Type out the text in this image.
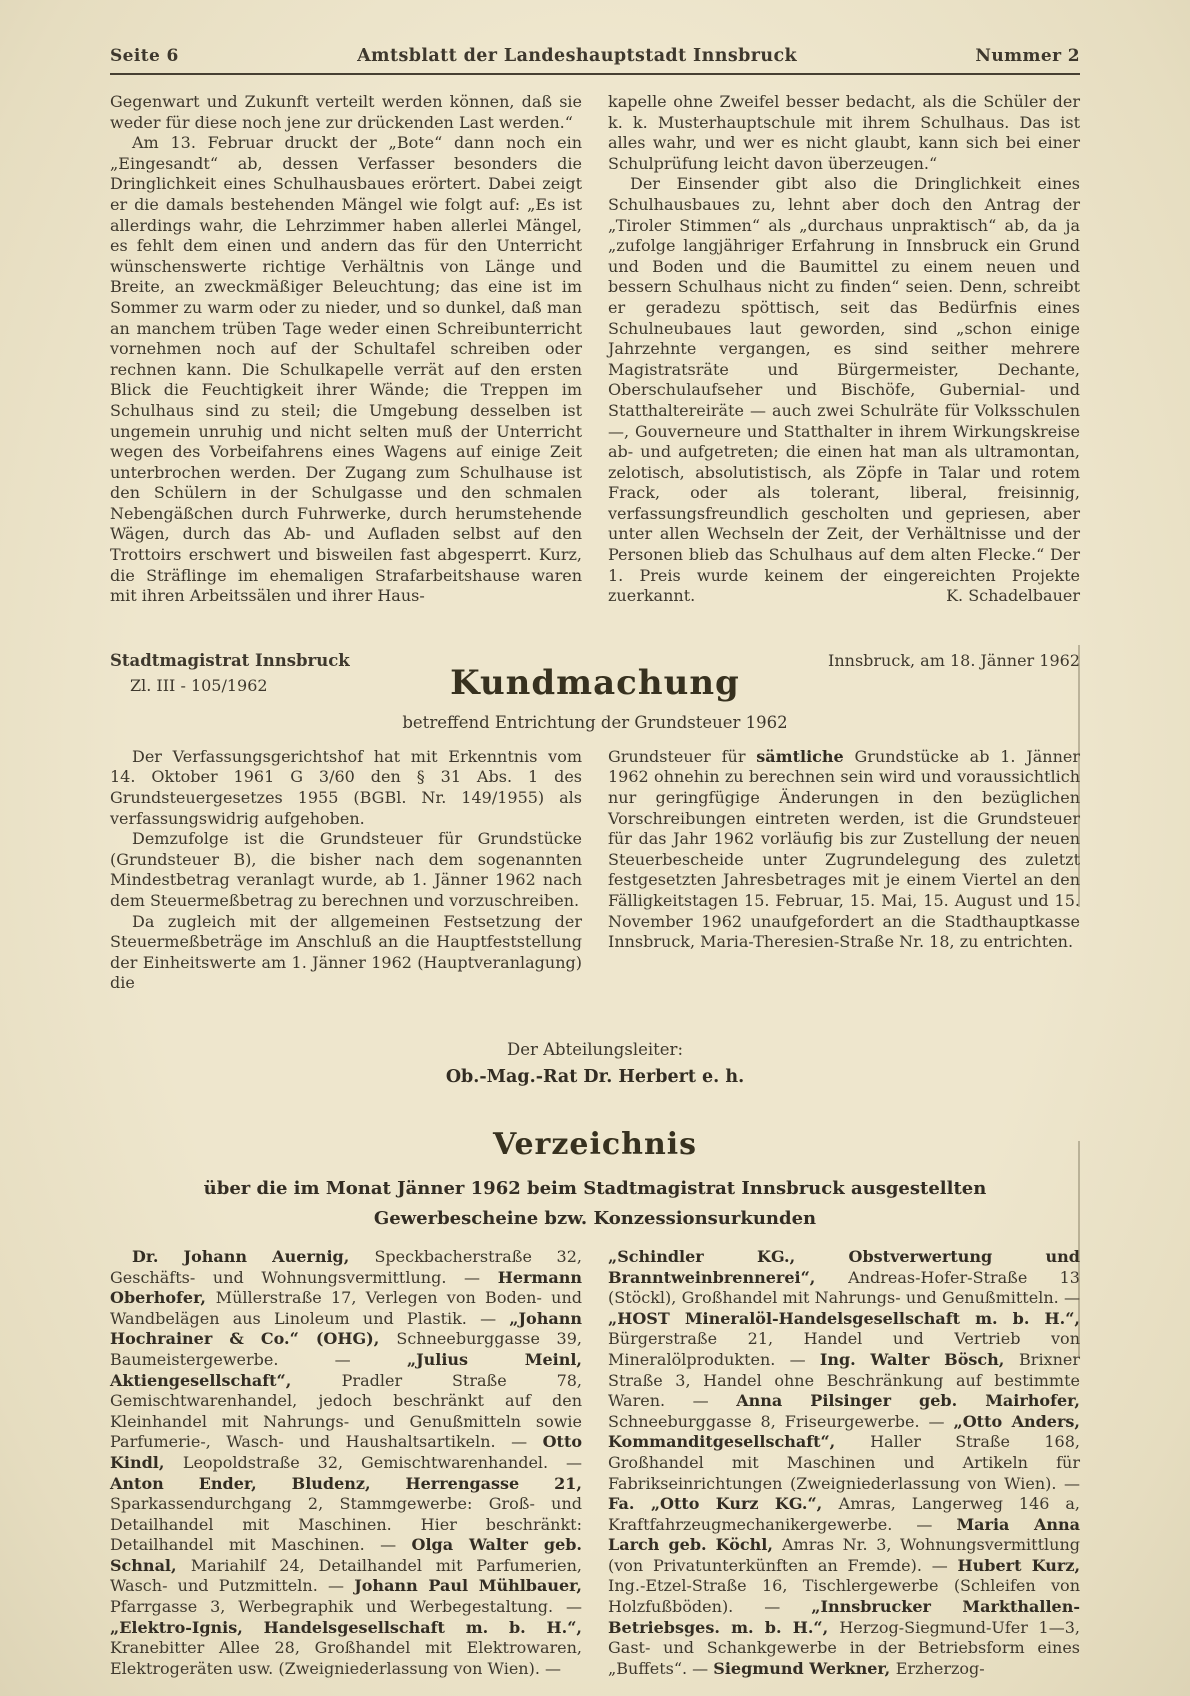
Seite 6	Amtsblatt der Landeshauptstadt Innsbruck	Nummer 2

Gegenwart und Zukunft verteilt werden können, daß sie weder für diese noch jene zur drückenden Last werden.“

Am 13. Februar druckt der „Bote“ dann noch ein „Eingesandt“ ab, dessen Verfasser besonders die Dringlichkeit eines Schulhausbaues erörtert. Dabei zeigt er die damals bestehenden Mängel wie folgt auf: „Es ist allerdings wahr, die Lehrzimmer haben allerlei Mängel, es fehlt dem einen und andern das für den Unterricht wünschenswerte richtige Verhältnis von Länge und Breite, an zweckmäßiger Beleuchtung; das eine ist im Sommer zu warm oder zu nieder, und so dunkel, daß man an manchem trüben Tage weder einen Schreibunterricht vornehmen noch auf der Schultafel schreiben oder rechnen kann. Die Schulkapelle verrät auf den ersten Blick die Feuchtigkeit ihrer Wände; die Treppen im Schulhaus sind zu steil; die Umgebung desselben ist ungemein unruhig und nicht selten muß der Unterricht wegen des Vorbeifahrens eines Wagens auf einige Zeit unterbrochen werden. Der Zugang zum Schulhause ist den Schülern in der Schulgasse und den schmalen Nebengäßchen durch Fuhrwerke, durch herumstehende Wägen, durch das Ab- und Aufladen selbst auf den Trottoirs erschwert und bisweilen fast abgesperrt. Kurz, die Sträflinge im ehemaligen Strafarbeitshause waren mit ihren Arbeitssälen und ihrer Haus-

kapelle ohne Zweifel besser bedacht, als die Schüler der k. k. Musterhauptschule mit ihrem Schulhaus. Das ist alles wahr, und wer es nicht glaubt, kann sich bei einer Schulprüfung leicht davon überzeugen.“

Der Einsender gibt also die Dringlichkeit eines Schulhausbaues zu, lehnt aber doch den Antrag der „Tiroler Stimmen“ als „durchaus unpraktisch“ ab, da ja „zufolge langjähriger Erfahrung in Innsbruck ein Grund und Boden und die Baumittel zu einem neuen und bessern Schulhaus nicht zu finden“ seien. Denn, schreibt er geradezu spöttisch, seit das Bedürfnis eines Schulneubaues laut geworden, sind „schon einige Jahrzehnte vergangen, es sind seither mehrere Magistratsräte und Bürgermeister, Dechante, Oberschulaufseher und Bischöfe, Gubernial- und Statthaltereiräte — auch zwei Schulräte für Volksschulen —, Gouverneure und Statthalter in ihrem Wirkungskreise ab- und aufgetreten; die einen hat man als ultramontan, zelotisch, absolutistisch, als Zöpfe in Talar und rotem Frack, oder als tolerant, liberal, freisinnig, verfassungsfreundlich gescholten und gepriesen, aber unter allen Wechseln der Zeit, der Verhältnisse und der Personen blieb das Schulhaus auf dem alten Flecke.“ Der 1. Preis wurde keinem der eingereichten Projekte zuerkannt.	K. Schadelbauer
Stadtmagistrat Innsbruck
Zl. III - 105/1962	Kundmachung
Innsbruck, am 18. Jänner 1962
betreffend Entrichtung der Grundsteuer 1962

Der Verfassungsgerichtshof hat mit Erkenntnis vom 14. Oktober 1961 G 3/60 den § 31 Abs. 1 des Grundsteuergesetzes 1955 (BGBl. Nr. 149/1955) als verfassungswidrig aufgehoben.

Demzufolge ist die Grundsteuer für Grundstücke (Grundsteuer B), die bisher nach dem sogenannten Mindestbetrag veranlagt wurde, ab 1. Jänner 1962 nach dem Steuermeßbetrag zu berechnen und vorzuschreiben.

Da zugleich mit der allgemeinen Festsetzung der Steuermeßbeträge im Anschluß an die Hauptfeststellung der Einheitswerte am 1. Jänner 1962 (Hauptveranlagung) die

Grundsteuer für sämtliche Grundstücke ab 1. Jänner 1962 ohnehin zu berechnen sein wird und voraussichtlich nur geringfügige Änderungen in den bezüglichen Vorschreibungen eintreten werden, ist die Grundsteuer für das Jahr 1962 vorläufig bis zur Zustellung der neuen Steuerbescheide unter Zugrundelegung des zuletzt festgesetzten Jahresbetrages mit je einem Viertel an den Fälligkeitstagen 15. Februar, 15. Mai, 15. August und 15. November 1962 unaufgefordert an die Stadthauptkasse Innsbruck, Maria-Theresien-Straße Nr. 18, zu entrichten.

Der Abteilungsleiter:
Ob.-Mag.-Rat Dr. Herbert e. h.
Verzeichnis
über die im Monat Jänner 1962 beim Stadtmagistrat Innsbruck ausgestellten
Gewerbescheine bzw. Konzessionsurkunden

Dr. Johann Auernig, Speckbacherstraße 32, Geschäfts- und Wohnungsvermittlung. — Hermann Oberhofer, Müllerstraße 17, Verlegen von Boden- und Wandbelägen aus Linoleum und Plastik. — „Johann Hochrainer & Co.“ (OHG), Schneeburggasse 39, Baumeistergewerbe. — „Julius Meinl, Aktiengesellschaft“, Pradler Straße 78, Gemischtwarenhandel, jedoch beschränkt auf den Kleinhandel mit Nahrungs- und Genußmitteln sowie Parfumerie-, Wasch- und Haushaltsartikeln. — Otto Kindl, Leopoldstraße 32, Gemischtwarenhandel. — Anton Ender, Bludenz, Herrengasse 21, Sparkassendurchgang 2, Stammgewerbe: Groß- und Detailhandel mit Maschinen. Hier beschränkt: Detailhandel mit Maschinen. — Olga Walter geb. Schnal, Mariahilf 24, Detailhandel mit Parfumerien, Wasch- und Putzmitteln. — Johann Paul Mühlbauer, Pfarrgasse 3, Werbegraphik und Werbegestaltung. — „Elektro-Ignis, Handelsgesellschaft m. b. H.“, Kranebitter Allee 28, Großhandel mit Elektrowaren, Elektrogeräten usw. (Zweigniederlassung von Wien). —

„Schindler KG., Obstverwertung und Branntweinbrennerei“, Andreas-Hofer-Straße 13 (Stöckl), Großhandel mit Nahrungs- und Genußmitteln. — „HOST Mineralöl-Handelsgesellschaft m. b. H.“, Bürgerstraße 21, Handel und Vertrieb von Mineralölprodukten. — Ing. Walter Bösch, Brixner Straße 3, Handel ohne Beschränkung auf bestimmte Waren. — Anna Pilsinger geb. Mairhofer, Schneeburggasse 8, Friseurgewerbe. — „Otto Anders, Kommanditgesellschaft“, Haller Straße 168, Großhandel mit Maschinen und Artikeln für Fabrikseinrichtungen (Zweigniederlassung von Wien). — Fa. „Otto Kurz KG.“, Amras, Langerweg 146 a, Kraftfahrzeugmechanikergewerbe. — Maria Anna Larch geb. Köchl, Amras Nr. 3, Wohnungsvermittlung (von Privatunterkünften an Fremde). — Hubert Kurz, Ing.-Etzel-Straße 16, Tischlergewerbe (Schleifen von Holzfußböden). — „Innsbrucker Markthallen-Betriebsges. m. b. H.“, Herzog-Siegmund-Ufer 1—3, Gast- und Schankgewerbe in der Betriebsform eines „Buffets“. — Siegmund Werkner, Erzherzog-
